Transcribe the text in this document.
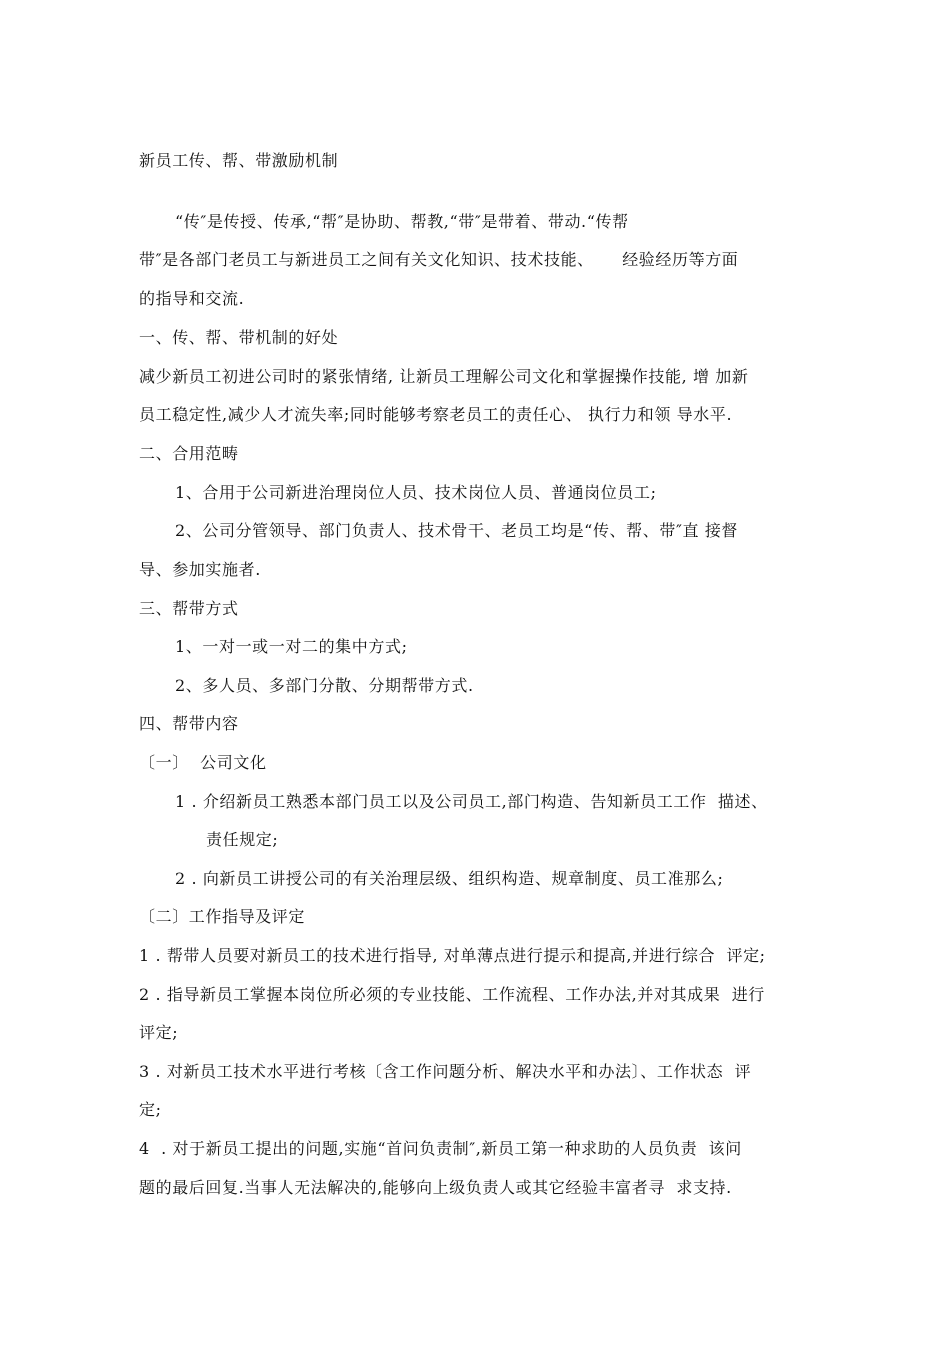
新员工传、帮、带激励机制
“传″是传授、传承,“帮″是协助、帮教,“带″是带着、带动.“传帮
带″是各部门老员工与新进员工之间有关文化知识、技术技能、     经验经历等方面
的指导和交流.
一、传、帮、带机制的好处
减少新员工初进公司时的紧张情绪, 让新员工理解公司文化和掌握操作技能, 增 加新
员工稳定性,减少人才流失率;同时能够考察老员工的责任心、 执行力和领 导水平.
二、合用范畴
1、合用于公司新进治理岗位人员、技术岗位人员、普通岗位员工;
2、公司分管领导、部门负责人、技术骨干、老员工均是“传、帮、带″直 接督
导、参加实施者.
三、帮带方式
1、一对一或一对二的集中方式;
2、多人员、多部门分散、分期帮带方式.
四、帮带内容
〔一〕  公司文化
1 . 介绍新员工熟悉本部门员工以及公司员工,部门构造、告知新员工工作  描述、
责任规定;
2 . 向新员工讲授公司的有关治理层级、组织构造、规章制度、员工准那么;
〔二〕工作指导及评定
1 . 帮带人员要对新员工的技术进行指导, 对单薄点进行提示和提高,并进行综合  评定;
2 . 指导新员工掌握本岗位所必须的专业技能、工作流程、工作办法,并对其成果  进行
评定;
3 . 对新员工技术水平进行考核〔含工作问题分析、解决水平和办法〕、工作状态  评
定;
4  . 对于新员工提出的问题,实施“首问负责制″,新员工第一种求助的人员负责  该问
题的最后回复.当事人无法解决的,能够向上级负责人或其它经验丰富者寻  求支持.
